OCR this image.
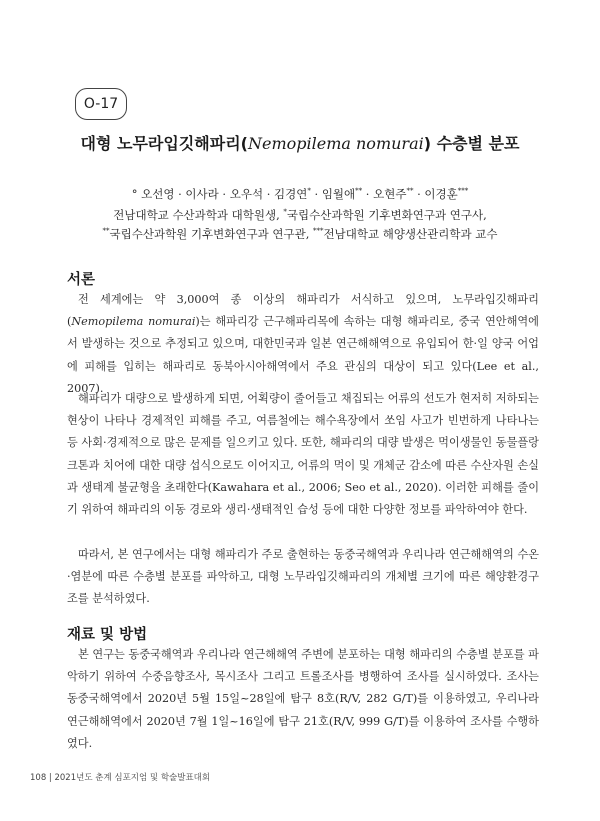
O-17
대형 노무라입깃해파리(Nemopilema nomurai) 수층별 분포
° 오선영 · 이사라 · 오우석 · 김경연* · 임월애** · 오현주** · 이경훈***
전남대학교 수산과학과 대학원생, *국립수산과학원 기후변화연구과 연구사,
**국립수산과학원 기후변화연구과 연구관, ***전남대학교 해양생산관리학과 교수
서론

전 세계에는 약 3,000여 종 이상의 해파리가 서식하고 있으며, 노무라입깃해파리 (Nemopilema nomurai)는 해파리강 근구해파리목에 속하는 대형 해파리로, 중국 연안해역에서 발생하는 것으로 추정되고 있으며, 대한민국과 일본 연근해해역으로 유입되어 한·일 양국 어업에 피해를 입히는 해파리로 동북아시아해역에서 주요 관심의 대상이 되고 있다(Lee et al., 2007).

해파리가 대량으로 발생하게 되면, 어획량이 줄어들고 채집되는 어류의 선도가 현저히 저하되는 현상이 나타나 경제적인 피해를 주고, 여름철에는 해수욕장에서 쏘임 사고가 빈번하게 나타나는 등 사회·경제적으로 많은 문제를 일으키고 있다. 또한, 해파리의 대량 발생은 먹이생물인 동물플랑크톤과 치어에 대한 대량 섭식으로도 이어지고, 어류의 먹이 및 개체군 감소에 따른 수산자원 손실과 생태계 불균형을 초래한다(Kawahara et al., 2006; Seo et al., 2020). 이러한 피해를 줄이기 위하여 해파리의 이동 경로와 생리·생태적인 습성 등에 대한 다양한 정보를 파악하여야 한다.

따라서, 본 연구에서는 대형 해파리가 주로 출현하는 동중국해역과 우리나라 연근해해역의 수온·염분에 따른 수층별 분포를 파악하고, 대형 노무라입깃해파리의 개체별 크기에 따른 해양환경구조를 분석하였다.

재료 및 방법

본 연구는 동중국해역과 우리나라 연근해해역 주변에 분포하는 대형 해파리의 수층별 분포를 파악하기 위하여 수중음향조사, 목시조사 그리고 트롤조사를 병행하여 조사를 실시하였다. 조사는 동중국해역에서 2020년 5월 15일~28일에 탐구 8호(R/V, 282 G/T)를 이용하였고, 우리나라 연근해해역에서 2020년 7월 1일~16일에 탐구 21호(R/V, 999 G/T)를 이용하여 조사를 수행하였다.

108 | 2021년도 춘계 심포지엄 및 학술발표대회
